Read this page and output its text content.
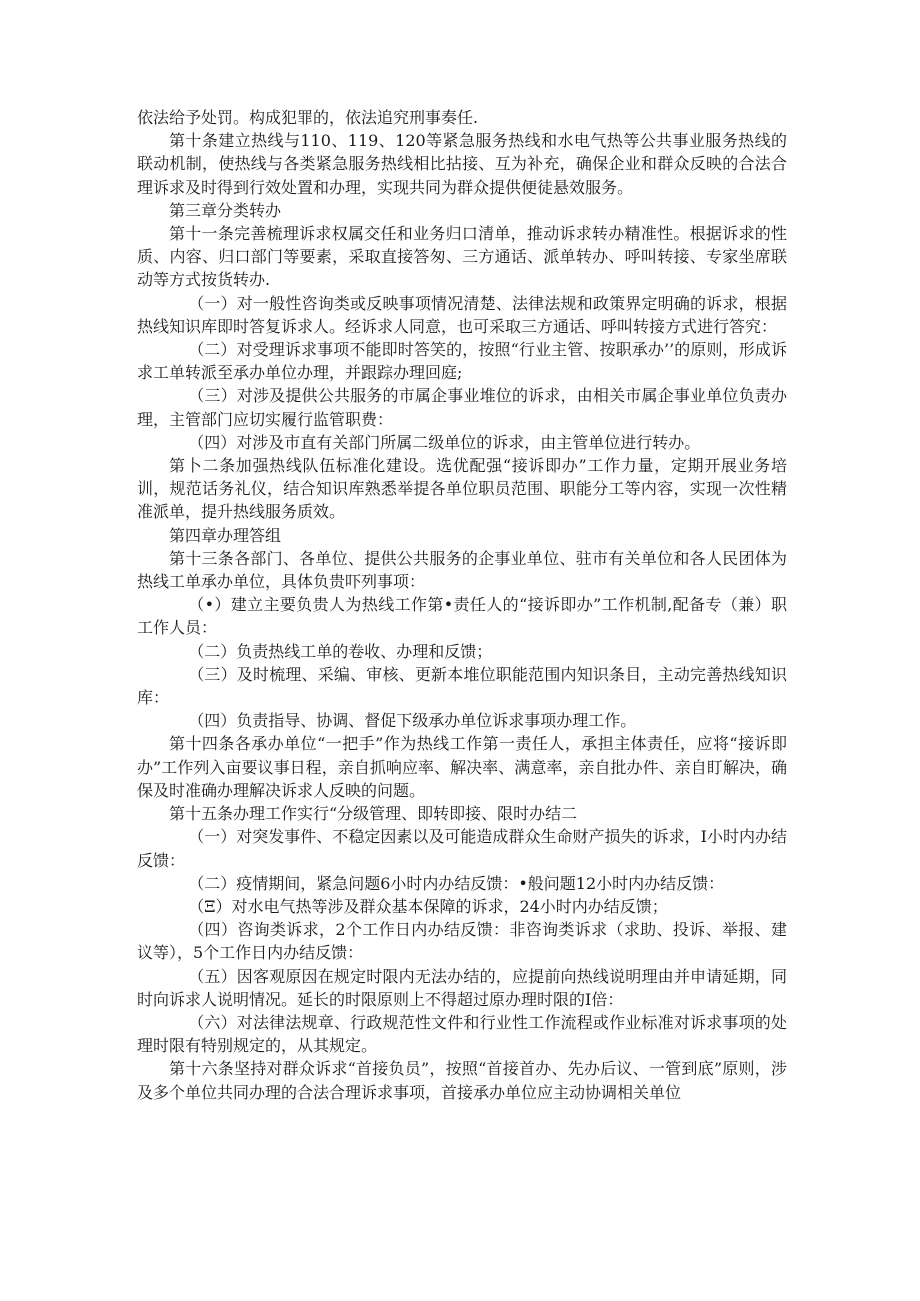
依法给予处罚。构成犯罪的，依法追究刑事奏任.

第十条建立热线与110、119、120等紧急服务热线和水电气热等公共事业服务热线的联动机制，使热线与各类紧急服务热线相比拈接、互为补充，确保企业和群众反映的合法合理诉求及时得到行效处置和办理，实现共同为群众提供便徒悬效服务。

第三章分类转办

第十一条完善梳理诉求权属交任和业务归口清单，推动诉求转办精准性。根据诉求的性质、内容、归口部门等要素，采取直接答匆、三方通话、派单转办、呼叫转接、专家坐席联动等方式按货转办.

（一）对一般性咨询类或反映事项情况清楚、法律法规和政策界定明确的诉求，根据热线知识库即时答复诉求人。经诉求人同意，也可采取三方通话、呼叫转接方式进行答究：

（二）对受理诉求事项不能即时答笑的，按照“行业主管、按职承办’’的原则，形成诉求工单转派至承办单位办理，并跟踪办理回庭;

（三）对涉及提供公共服务的市属企事业堆位的诉求，由相关市属企事业单位负责办理，主管部门应切实履行监管职费：

（四）对涉及市直有关部门所属二级单位的诉求，由主管单位进行转办。

第卜二条加强热线队伍标准化建设。选优配强“接诉即办”工作力量，定期开展业务培训，规范话务礼仪，结合知识库熟悉举提各单位职员范围、职能分工等内容，实现一次性精准派单，提升热线服务质效。

第四章办理答组

第十三条各部门、各单位、提供公共服务的企事业单位、驻市有关单位和各人民团体为热线工单承办单位，具体负贵吓列事项：

（•）建立主要负贵人为热线工作第•责任人的“接诉即办”工作机制,配备专（兼）职工作人员：

（二）负责热线工单的卷收、办理和反馈；

（三）及时梳理、采编、审核、更新本堆位职能范围内知识条目，主动完善热线知识库：

（四）负责指导、协调、督促下级承办单位诉求事项办理工作。

第十四条各承办单位“一把手”作为热线工作第一责任人，承担主体责任，应将“接诉即办”工作列入亩要议事日程，亲自抓响应率、解决率、满意率，亲自批办件、亲自盯解决，确保及时准确办理解决诉求人反映的问题。

第十五条办理工作实行“分级管理、即转即接、限时办结二

（一）对突发事件、不稳定因素以及可能造成群众生命财产损失的诉求，I小时内办结反馈：

（二）疫情期间，紧急问题6小时内办结反馈：•般问题12小时内办结反馈：

（Ξ）对水电气热等涉及群众基本保障的诉求，24小时内办结反馈；

（四）咨询类诉求，2个工作日内办结反馈：非咨询类诉求（求助、投诉、举报、建议等），5个工作日内办结反馈：

（五）因客观原因在规定时限内无法办结的，应提前向热线说明理由并申请延期，同时向诉求人说明情况。延长的时限原则上不得超过原办理时限的I倍：

（六）对法律法规章、行政规范性文件和行业性工作流程或作业标准对诉求事项的处理时限有特别规定的，从其规定。

第十六条坚持对群众诉求“首接负员”，按照“首接首办、先办后议、一管到底”原则，涉及多个单位共同办理的合法合理诉求事项，首接承办单位应主动协调相关单位
